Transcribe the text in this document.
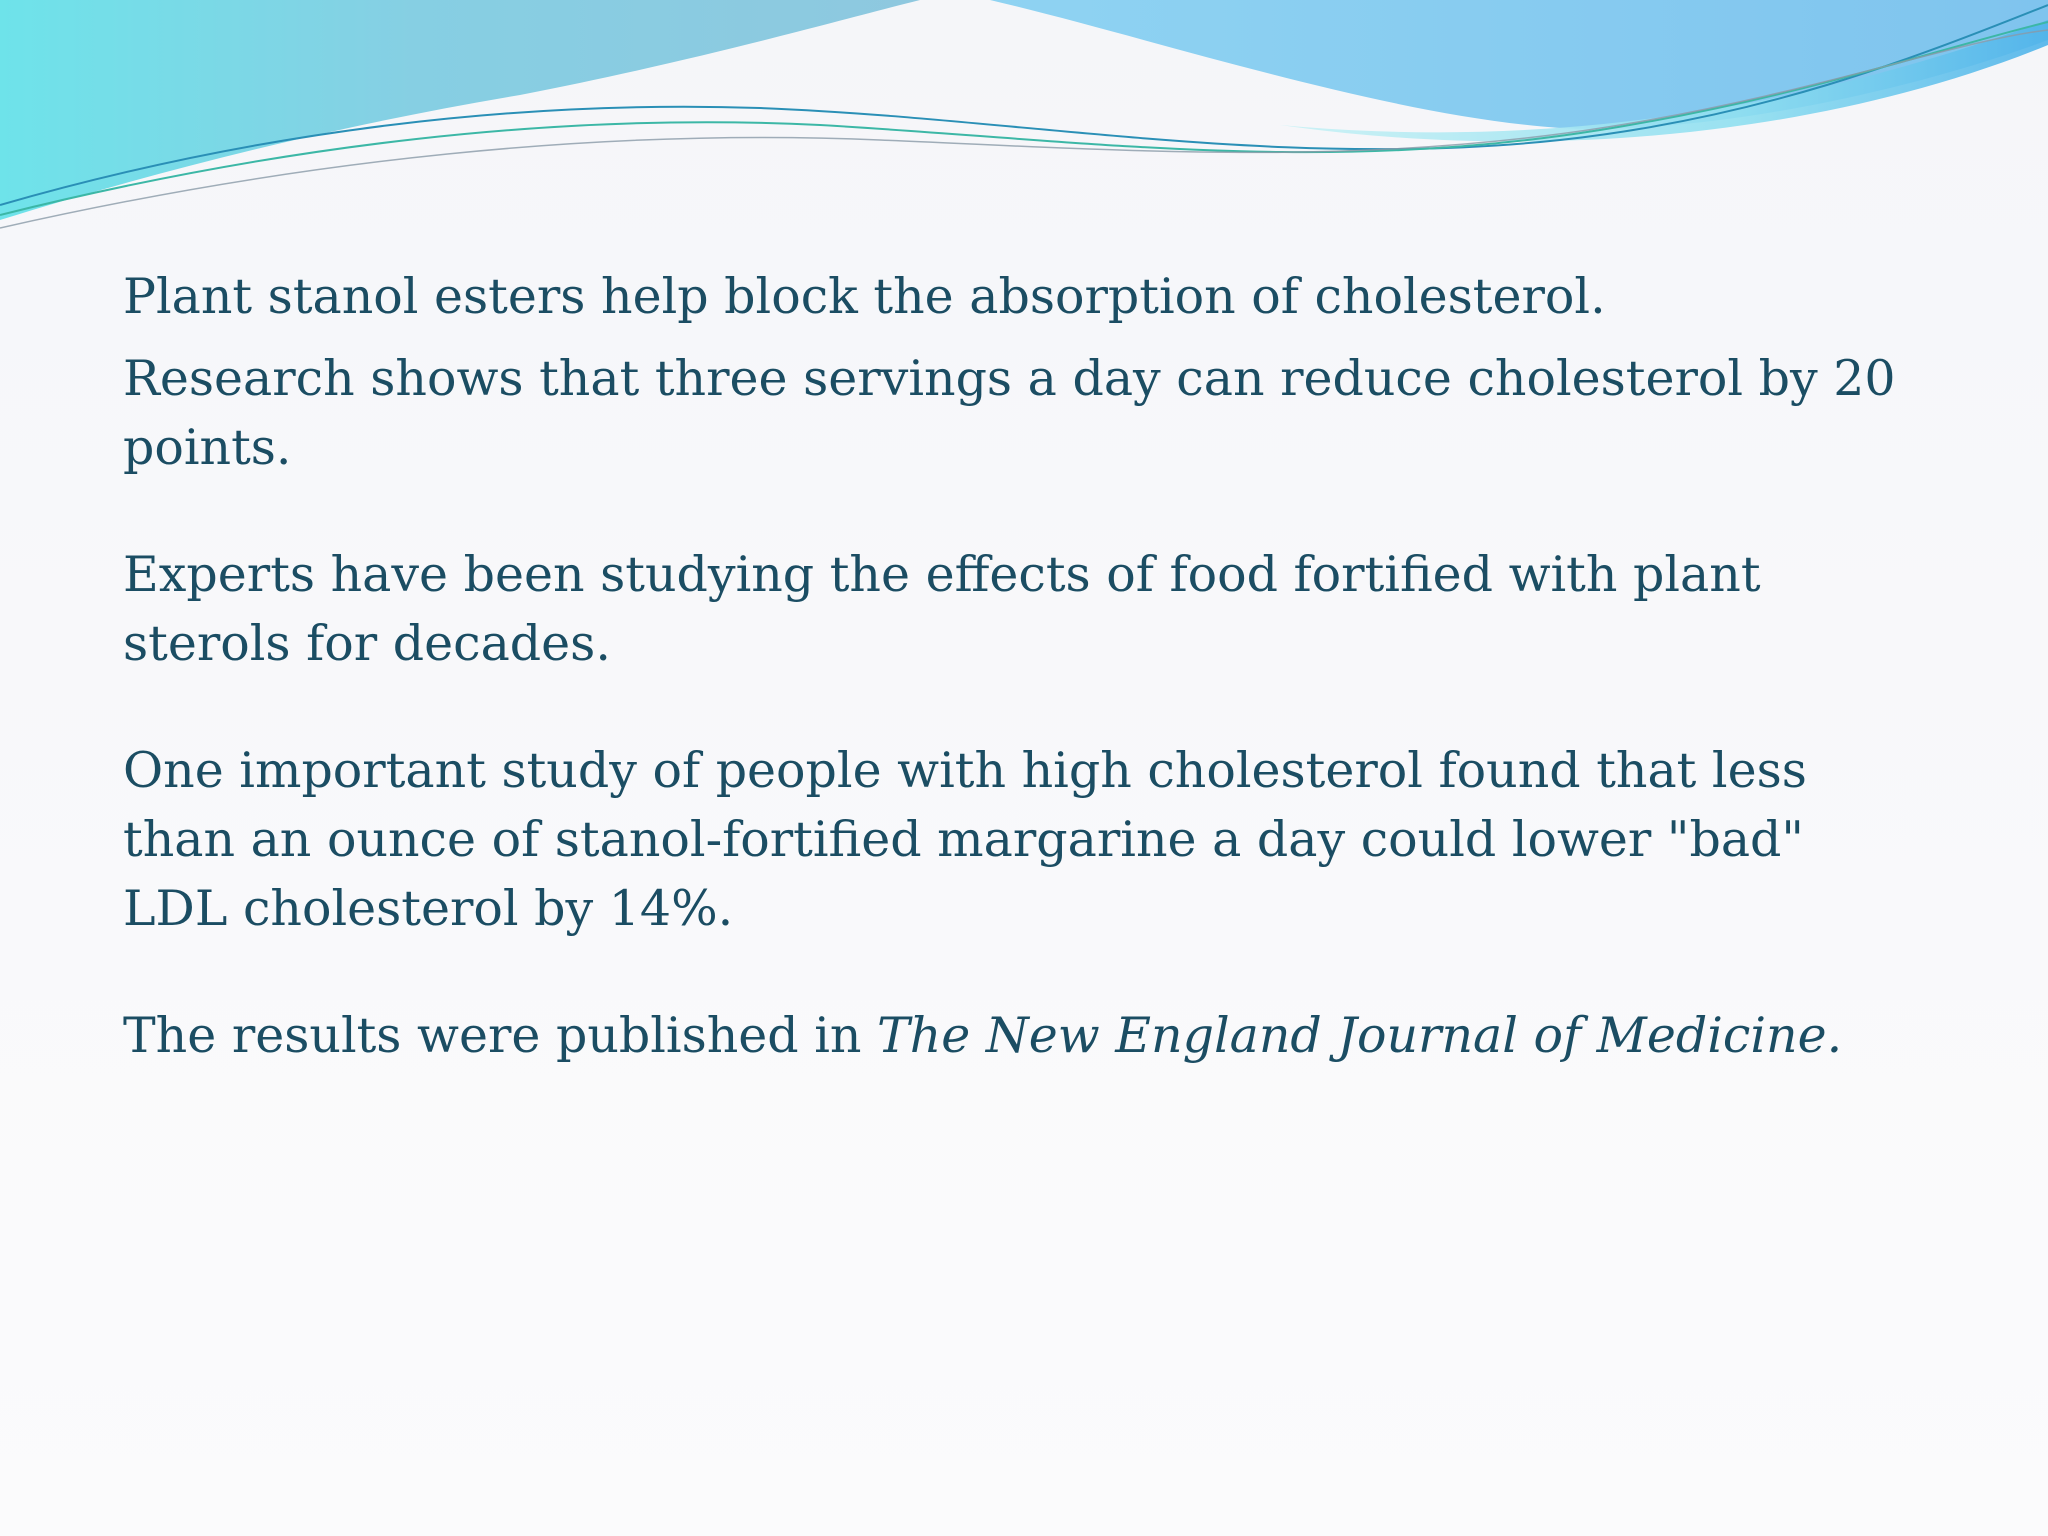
Plant stanol esters help block the absorption of cholesterol.

Research shows that three servings a day can reduce cholesterol by 20 points.

Experts have been studying the effects of food fortified with plant sterols for decades.

One important study of people with high cholesterol found that less than an ounce of stanol-fortified margarine a day could lower "bad" LDL cholesterol by 14%.

The results were published in The New England Journal of Medicine.
